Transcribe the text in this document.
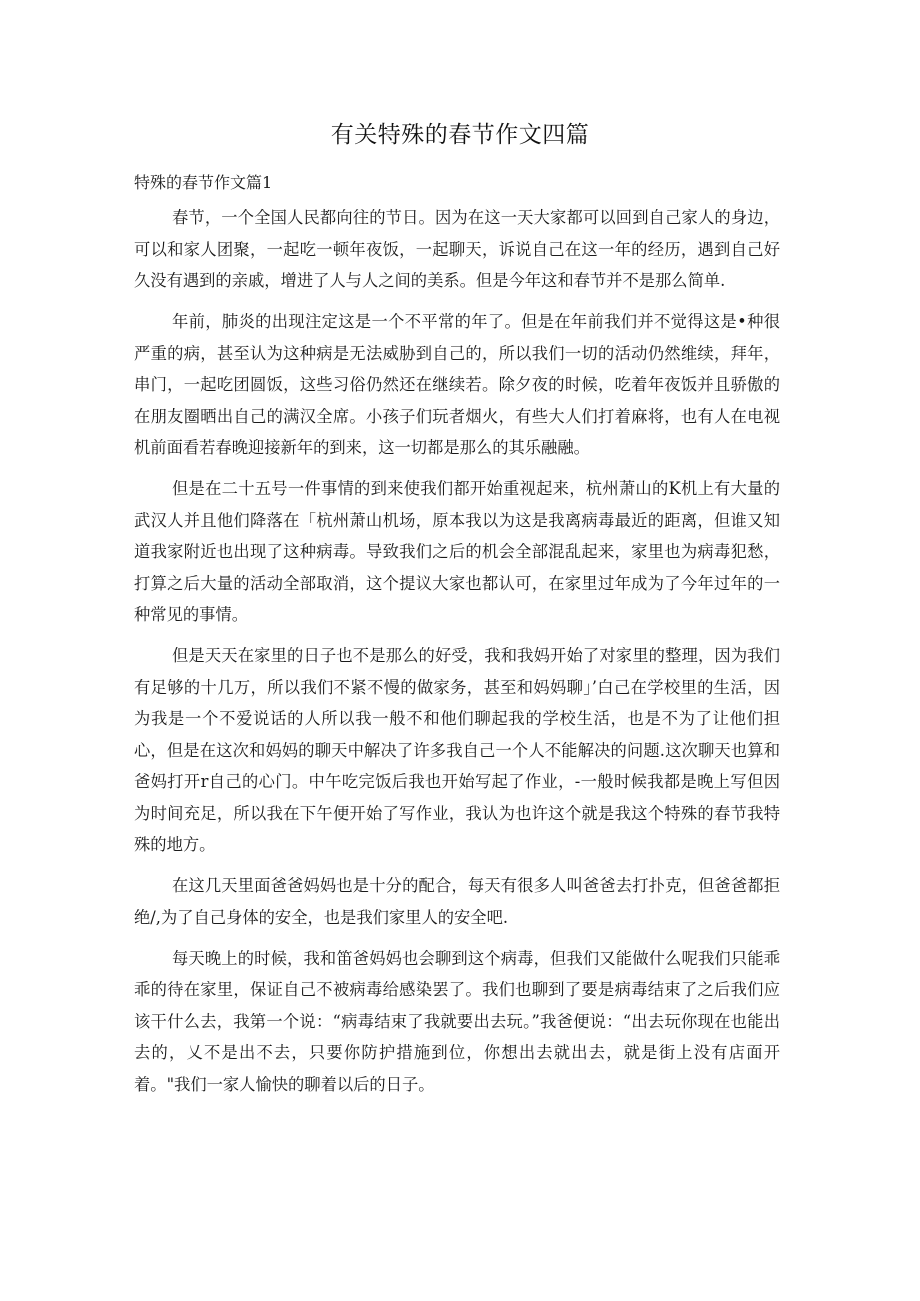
有关特殊的春节作文四篇
特殊的春节作文篇1

春节，一个全国人民都向往的节日。因为在这一天大家都可以回到自己家人的身边，可以和家人团聚，一起吃一顿年夜饭，一起聊天，诉说自己在这一年的经历，遇到自己好久没有遇到的亲戚，增进了人与人之间的美系。但是今年这和春节并不是那么简单.

年前，肺炎的出现注定这是一个不平常的年了。但是在年前我们并不觉得这是•种很严重的病，甚至认为这种病是无法威胁到自己的，所以我们一切的活动仍然维续，拜年，串门，一起吃团圆饭，这些习俗仍然还在继续若。除夕夜的时候，吃着年夜饭并且骄傲的在朋友圈晒出自己的满汉全席。小孩子们玩者烟火，有些大人们打着麻将，也有人在电视机前面看若春晚迎接新年的到来，这一切都是那么的其乐融融。

但是在二十五号一件事情的到来使我们都开始重视起来，杭州萧山的K机上有大量的武汉人并且他们降落在「杭州萧山机场，原本我以为这是我离病毒最近的距离，但谁又知道我家附近也出现了这种病毒。导致我们之后的机会全部混乱起来，家里也为病毒犯愁，打算之后大量的活动全部取消，这个提议大家也都认可，在家里过年成为了今年过年的一种常见的事情。

但是天天在家里的日子也不是那么的好受，我和我妈开始了对家里的整理，因为我们有足够的十几万，所以我们不紧不慢的做家务，甚至和妈妈聊」’白己在学校里的生活，因为我是一个不爱说话的人所以我一般不和他们聊起我的学校生活，也是不为了让他们担心，但是在这次和妈妈的聊天中解决了许多我自己一个人不能解决的问题.这次聊天也算和爸妈打开r自己的心门。中午吃完饭后我也开始写起了作业，-一般时候我都是晚上写但因为时间充足，所以我在下午便开始了写作业，我认为也许这个就是我这个特殊的春节我特殊的地方。

在这几天里面爸爸妈妈也是十分的配合，每天有很多人叫爸爸去打扑克，但爸爸都拒绝/,为了自己身体的安全，也是我们家里人的安全吧.

每天晚上的时候，我和笛爸妈妈也会聊到这个病毒，但我们又能做什么呢我们只能乖乖的待在家里，保证自己不被病毒给感染罢了。我们也聊到了要是病毒结束了之后我们应该干什么去，我第一个说：“病毒结束了我就要出去玩。”我爸便说：“出去玩你现在也能出去的，乂不是出不去，只要你防护措施到位，你想出去就出去，就是街上没有店面开着。"我们一家人愉快的聊着以后的日子。
